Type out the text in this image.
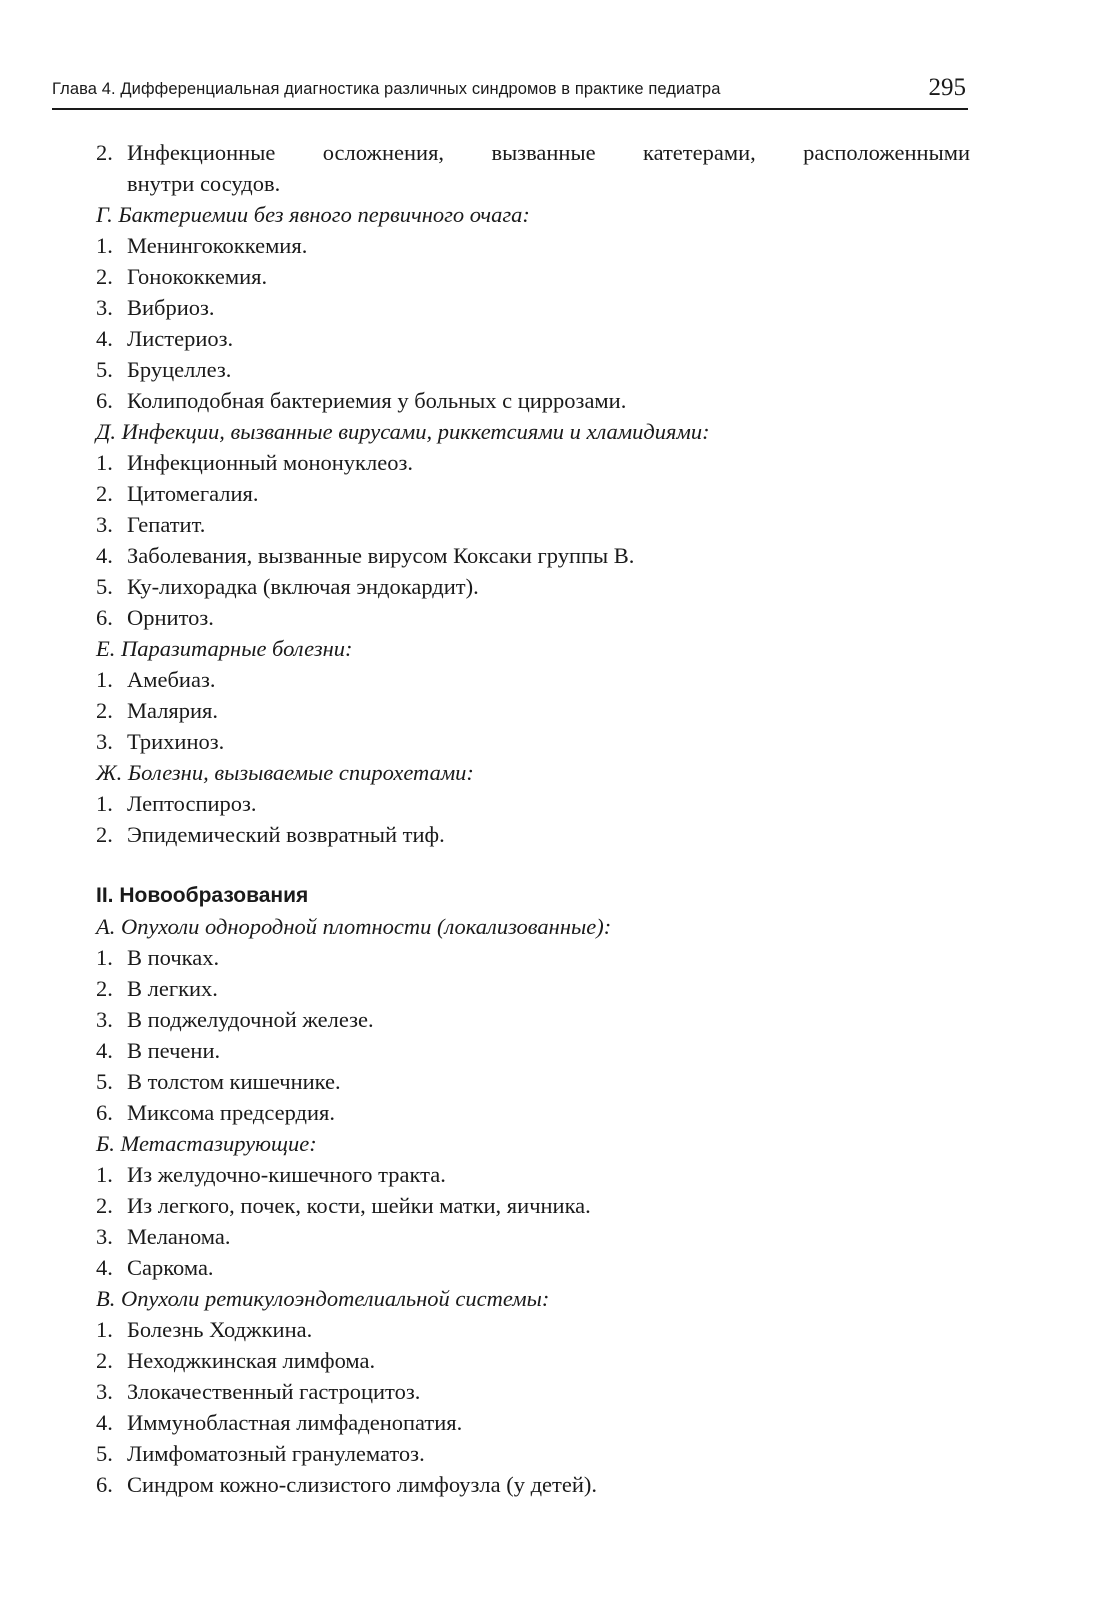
Глава 4. Дифференциальная диагностика различных синдромов в практике педиатра	295
2. Инфекционные осложнения, вызванные катетерами, расположенными
внутри сосудов.
Г. Бактериемии без явного первичного очага:
1. Менингококкемия.
2. Гонококкемия.
3. Вибриоз.
4. Листериоз.
5. Бруцеллез.
6. Колиподобная бактериемия у больных с циррозами.
Д. Инфекции, вызванные вирусами, риккетсиями и хламидиями:
1. Инфекционный мононуклеоз.
2. Цитомегалия.
3. Гепатит.
4. Заболевания, вызванные вирусом Коксаки группы В.
5. Ку-лихорадка (включая эндокардит).
6. Орнитоз.
Е. Паразитарные болезни:
1. Амебиаз.
2. Малярия.
3. Трихиноз.
Ж. Болезни, вызываемые спирохетами:
1. Лептоспироз.
2. Эпидемический возвратный тиф.
II. Новообразования
А. Опухоли однородной плотности (локализованные):
1. В почках.
2. В легких.
3. В поджелудочной железе.
4. В печени.
5. В толстом кишечнике.
6. Миксома предсердия.
Б. Метастазирующие:
1. Из желудочно-кишечного тракта.
2. Из легкого, почек, кости, шейки матки, яичника.
3. Меланома.
4. Саркома.
В. Опухоли ретикулоэндотелиальной системы:
1. Болезнь Ходжкина.
2. Неходжкинская лимфома.
3. Злокачественный гастроцитоз.
4. Иммунобластная лимфаденопатия.
5. Лимфоматозный гранулематоз.
6. Синдром кожно-слизистого лимфоузла (у детей).
